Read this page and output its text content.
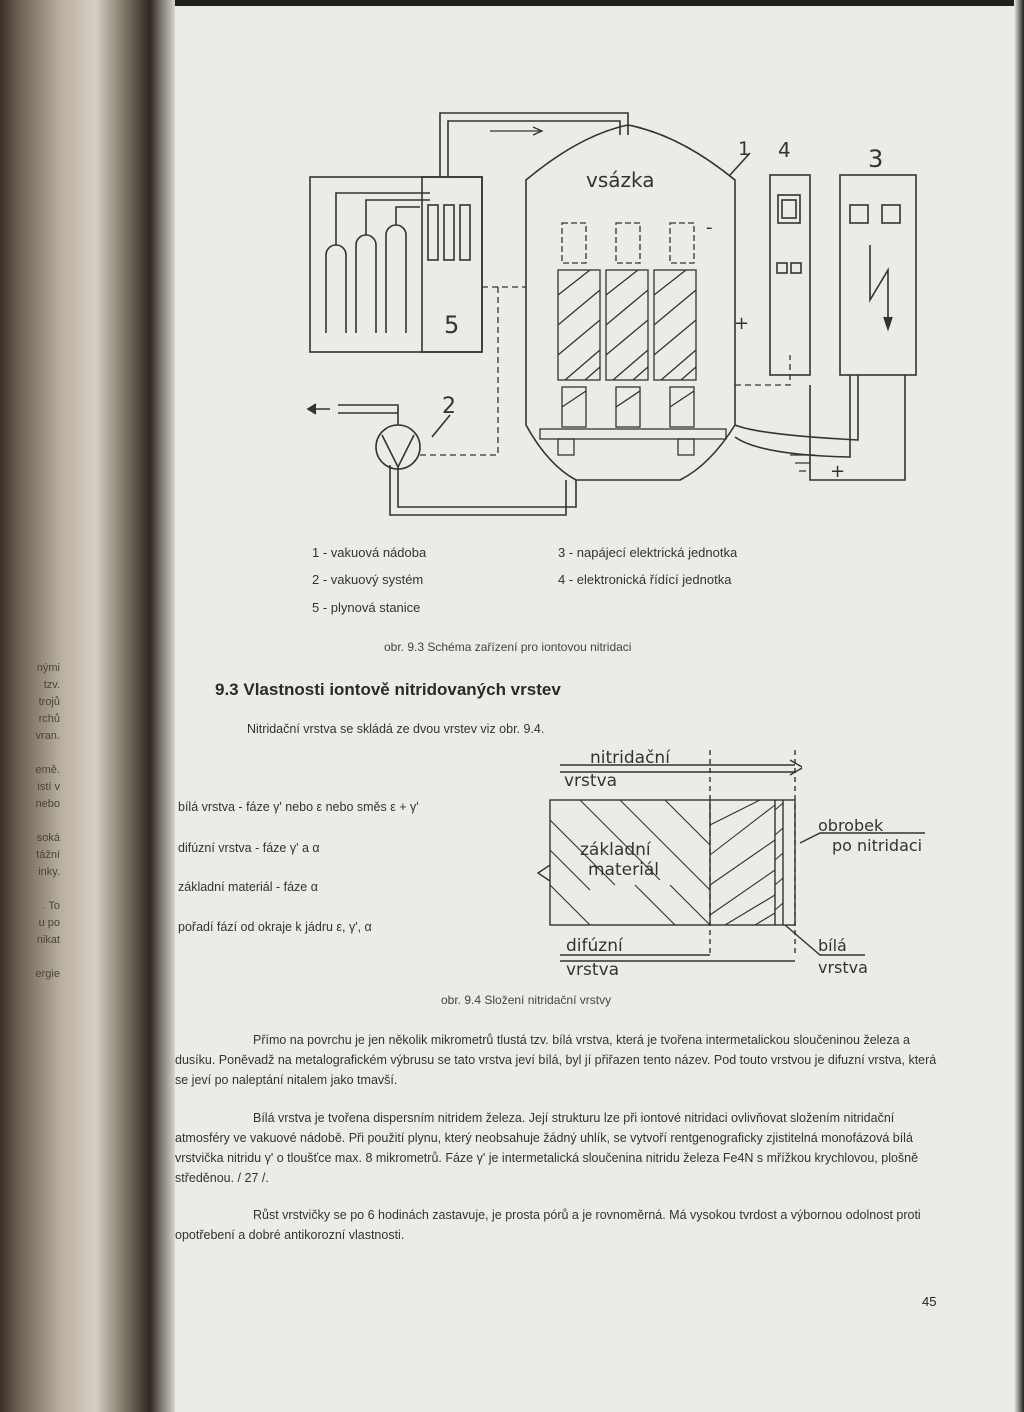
nými
tzv.
trojů
rchů
vran.

emě.
istí v
nebo

soká
tážní
inky.

. To
u po
nikat

ergie
vsázka
1
2
3
4
5	+
+
-
1 - vakuová nádoba
2 - vakuový systém
5 - plynová stanice
3 - napájecí elektrická jednotka
4 - elektronická řídící jednotka
obr. 9.3 Schéma zařízení pro iontovou nitridaci
9.3 Vlastnosti iontově nitridovaných vrstev
Nitridační vrstva se skládá ze dvou vrstev viz obr. 9.4.
bílá vrstva - fáze γ' nebo ε nebo směs ε + γ'
difúzní vrstva - fáze γ' a α
základní materiál - fáze α
pořadí fází od okraje k jádru ε, γ', α
nitridační
vrstva
základní
materiál
obrobek
po nitridaci
difúzní
vrstva
bílá
vrstva
obr. 9.4 Složení nitridační vrstvy
Přímo na povrchu je jen několik mikrometrů tlustá tzv. bílá vrstva, která je tvořena intermetalickou sloučeninou železa a dusíku. Poněvadž na metalografickém výbrusu se tato vrstva jeví bílá, byl jí přiřazen tento název. Pod touto vrstvou je difuzní vrstva, která se jeví po naleptání nitalem jako tmavší.
Bílá vrstva je tvořena dispersním nitridem železa. Její strukturu lze při iontové nitridaci ovlivňovat složením nitridační atmosféry ve vakuové nádobě. Při použití plynu, který neobsahuje žádný uhlík, se vytvoří rentgenograficky zjistitelná monofázová bílá vrstvička nitridu γ' o tloušťce max. 8 mikrometrů. Fáze γ' je intermetalická sloučenina nitridu železa Fe4N s mřížkou krychlovou, plošně středěnou. / 27 /.
Růst vrstvičky se po 6 hodinách zastavuje, je prosta pórů a je rovnoměrná. Má vysokou tvrdost a výbornou odolnost proti opotřebení a dobré antikorozní vlastnosti.
45
